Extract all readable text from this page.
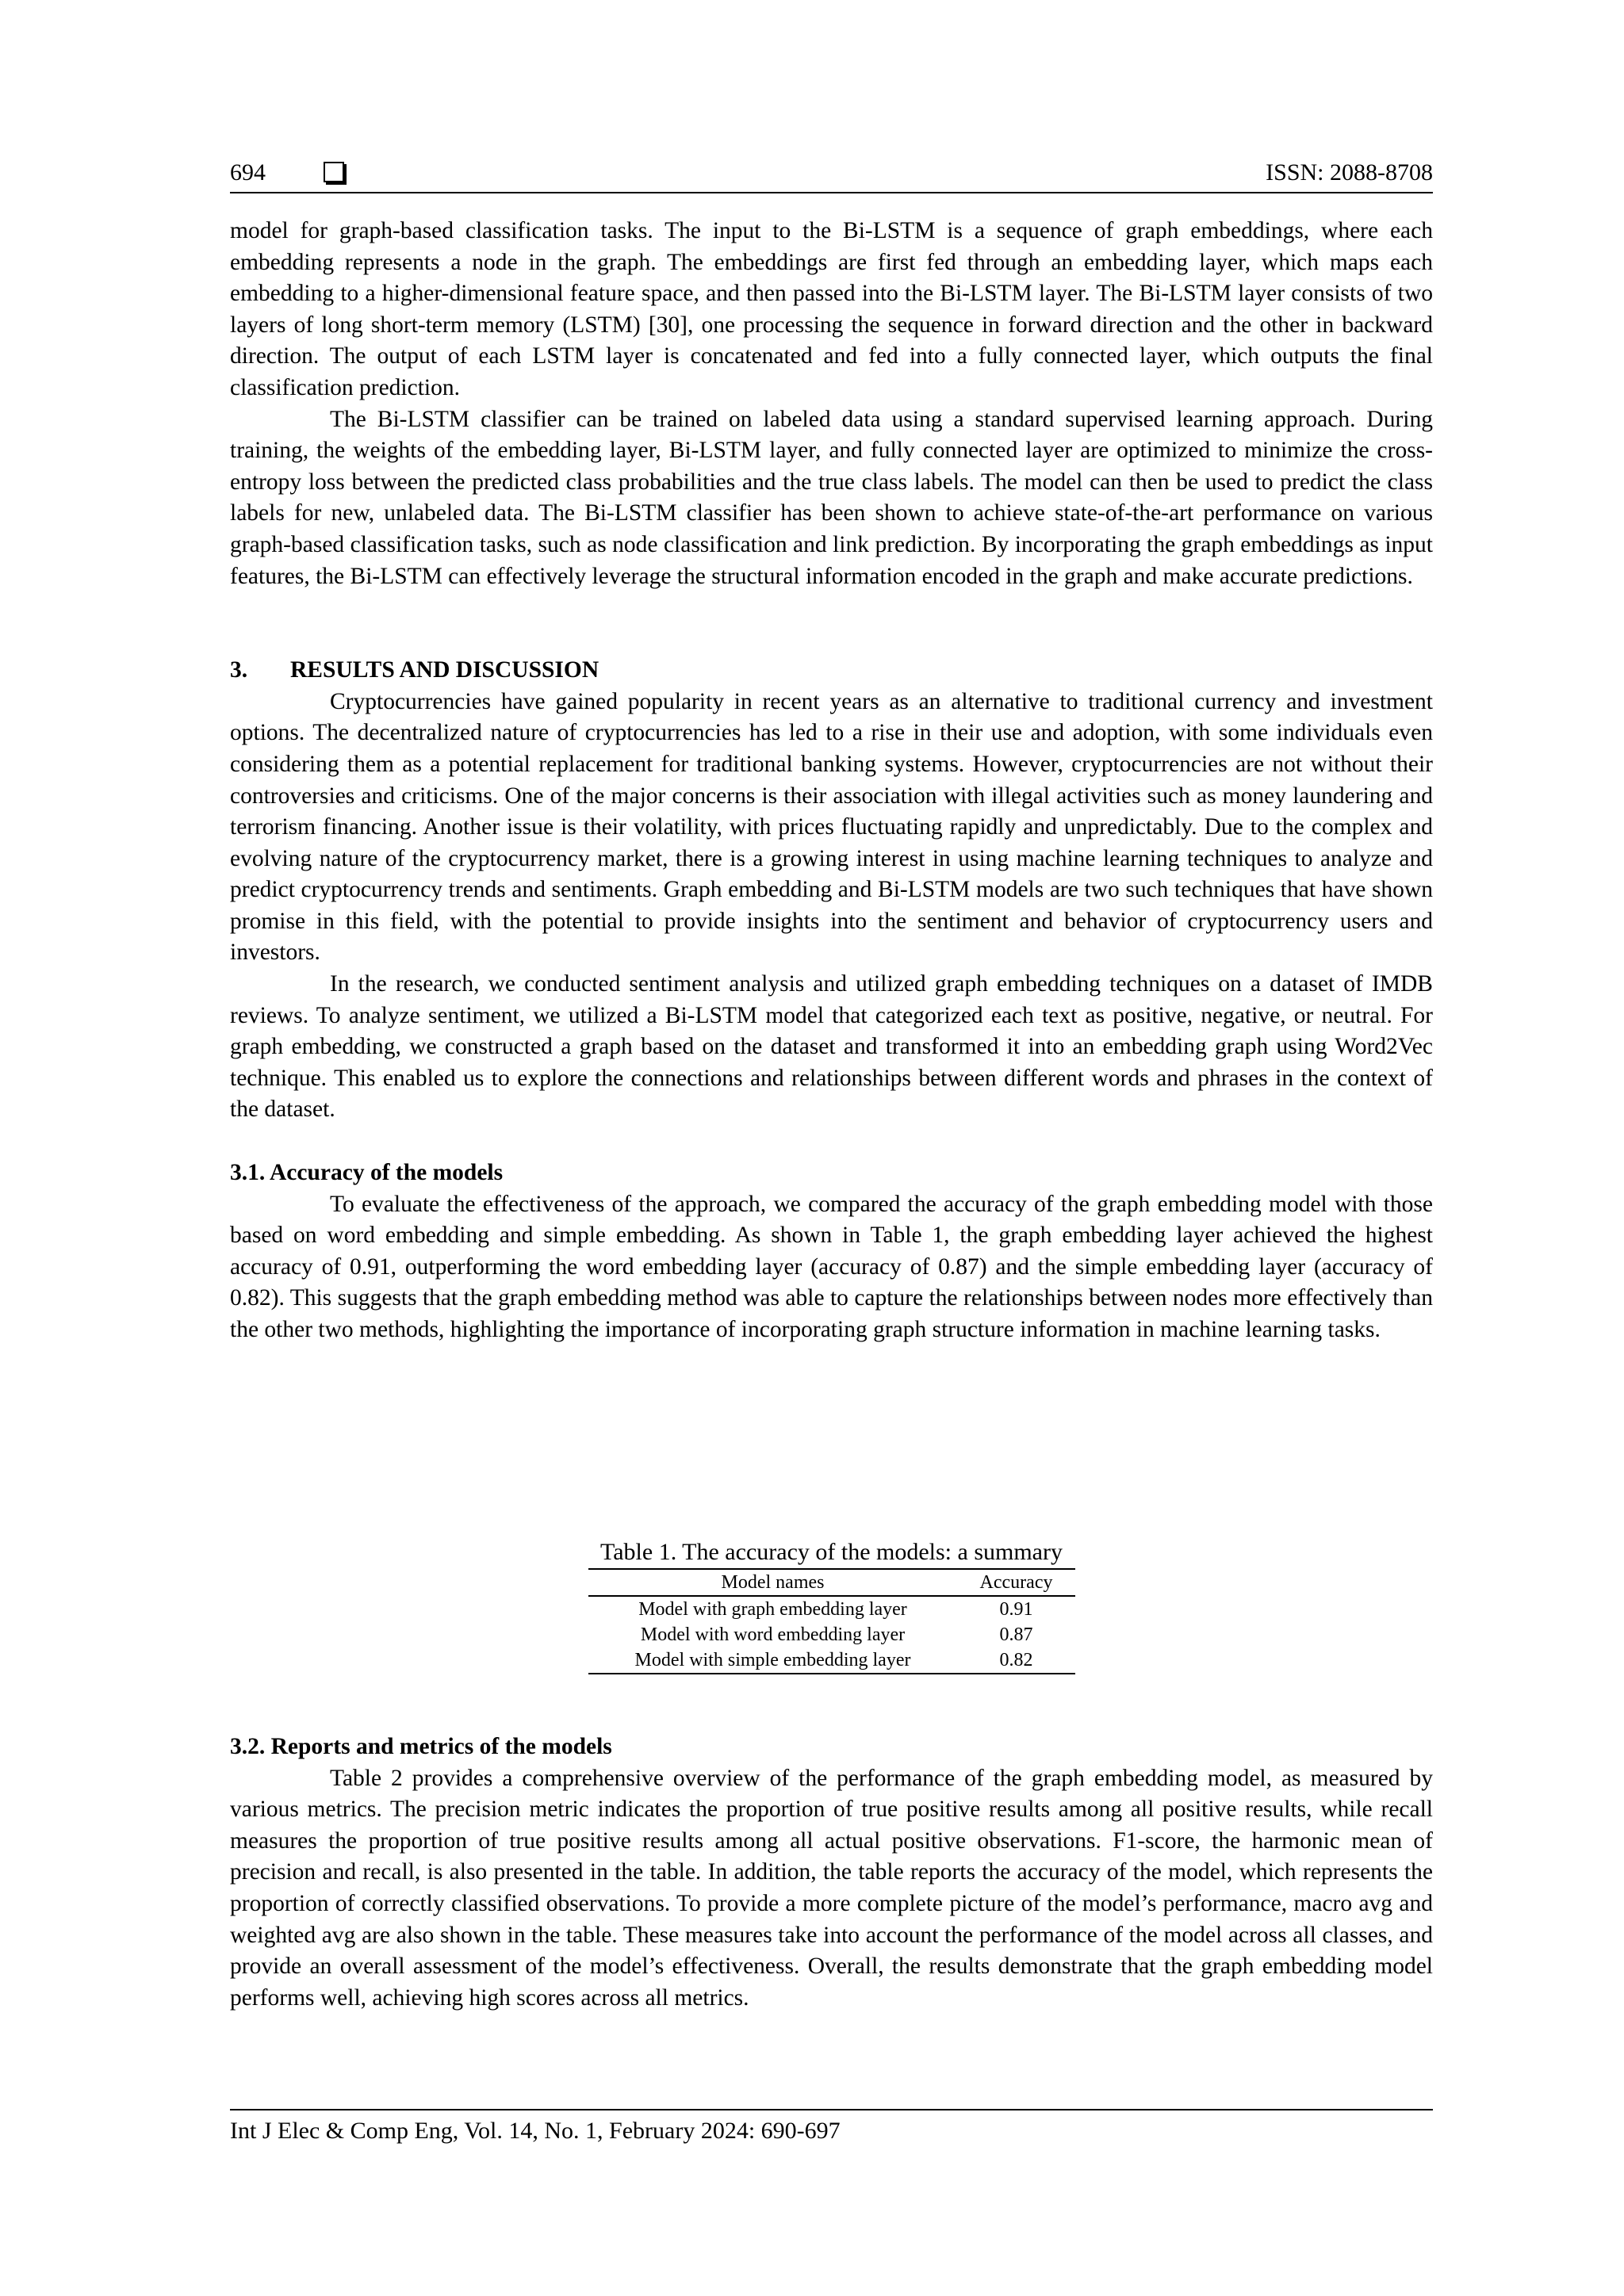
694	ISSN: 2088-8708

model for graph-based classification tasks. The input to the Bi-LSTM is a sequence of graph embeddings, where each embedding represents a node in the graph. The embeddings are first fed through an embedding layer, which maps each embedding to a higher-dimensional feature space, and then passed into the Bi-LSTM layer. The Bi-LSTM layer consists of two layers of long short-term memory (LSTM) [30], one processing the sequence in forward direction and the other in backward direction. The output of each LSTM layer is concatenated and fed into a fully connected layer, which outputs the final classification prediction.

The Bi-LSTM classifier can be trained on labeled data using a standard supervised learning approach. During training, the weights of the embedding layer, Bi-LSTM layer, and fully connected layer are optimized to minimize the cross-entropy loss between the predicted class probabilities and the true class labels. The model can then be used to predict the class labels for new, unlabeled data. The Bi-LSTM classifier has been shown to achieve state-of-the-art performance on various graph-based classification tasks, such as node classification and link prediction. By incorporating the graph embeddings as input features, the Bi-LSTM can effectively leverage the structural information encoded in the graph and make accurate predictions.

3. RESULTS AND DISCUSSION

Cryptocurrencies have gained popularity in recent years as an alternative to traditional currency and investment options. The decentralized nature of cryptocurrencies has led to a rise in their use and adoption, with some individuals even considering them as a potential replacement for traditional banking systems. However, cryptocurrencies are not without their controversies and criticisms. One of the major concerns is their association with illegal activities such as money laundering and terrorism financing. Another issue is their volatility, with prices fluctuating rapidly and unpredictably. Due to the complex and evolving nature of the cryptocurrency market, there is a growing interest in using machine learning techniques to analyze and predict cryptocurrency trends and sentiments. Graph embedding and Bi-LSTM models are two such techniques that have shown promise in this field, with the potential to provide insights into the sentiment and behavior of cryptocurrency users and investors.

In the research, we conducted sentiment analysis and utilized graph embedding techniques on a dataset of IMDB reviews. To analyze sentiment, we utilized a Bi-LSTM model that categorized each text as positive, negative, or neutral. For graph embedding, we constructed a graph based on the dataset and transformed it into an embedding graph using Word2Vec technique. This enabled us to explore the connections and relationships between different words and phrases in the context of the dataset.

3.1. Accuracy of the models

To evaluate the effectiveness of the approach, we compared the accuracy of the graph embedding model with those based on word embedding and simple embedding. As shown in Table 1, the graph embedding layer achieved the highest accuracy of 0.91, outperforming the word embedding layer (accuracy of 0.87) and the simple embedding layer (accuracy of 0.82). This suggests that the graph embedding method was able to capture the relationships between nodes more effectively than the other two methods, highlighting the importance of incorporating graph structure information in machine learning tasks.

Table 1. The accuracy of the models: a summary

Model names	Accuracy
Model with graph embedding layer	0.91
Model with word embedding layer	0.87
Model with simple embedding layer	0.82

3.2. Reports and metrics of the models

Table 2 provides a comprehensive overview of the performance of the graph embedding model, as measured by various metrics. The precision metric indicates the proportion of true positive results among all positive results, while recall measures the proportion of true positive results among all actual positive observations. F1-score, the harmonic mean of precision and recall, is also presented in the table. In addition, the table reports the accuracy of the model, which represents the proportion of correctly classified observations. To provide a more complete picture of the model’s performance, macro avg and weighted avg are also shown in the table. These measures take into account the performance of the model across all classes, and provide an overall assessment of the model’s effectiveness. Overall, the results demonstrate that the graph embedding model performs well, achieving high scores across all metrics.

Int J Elec & Comp Eng, Vol. 14, No. 1, February 2024: 690-697
